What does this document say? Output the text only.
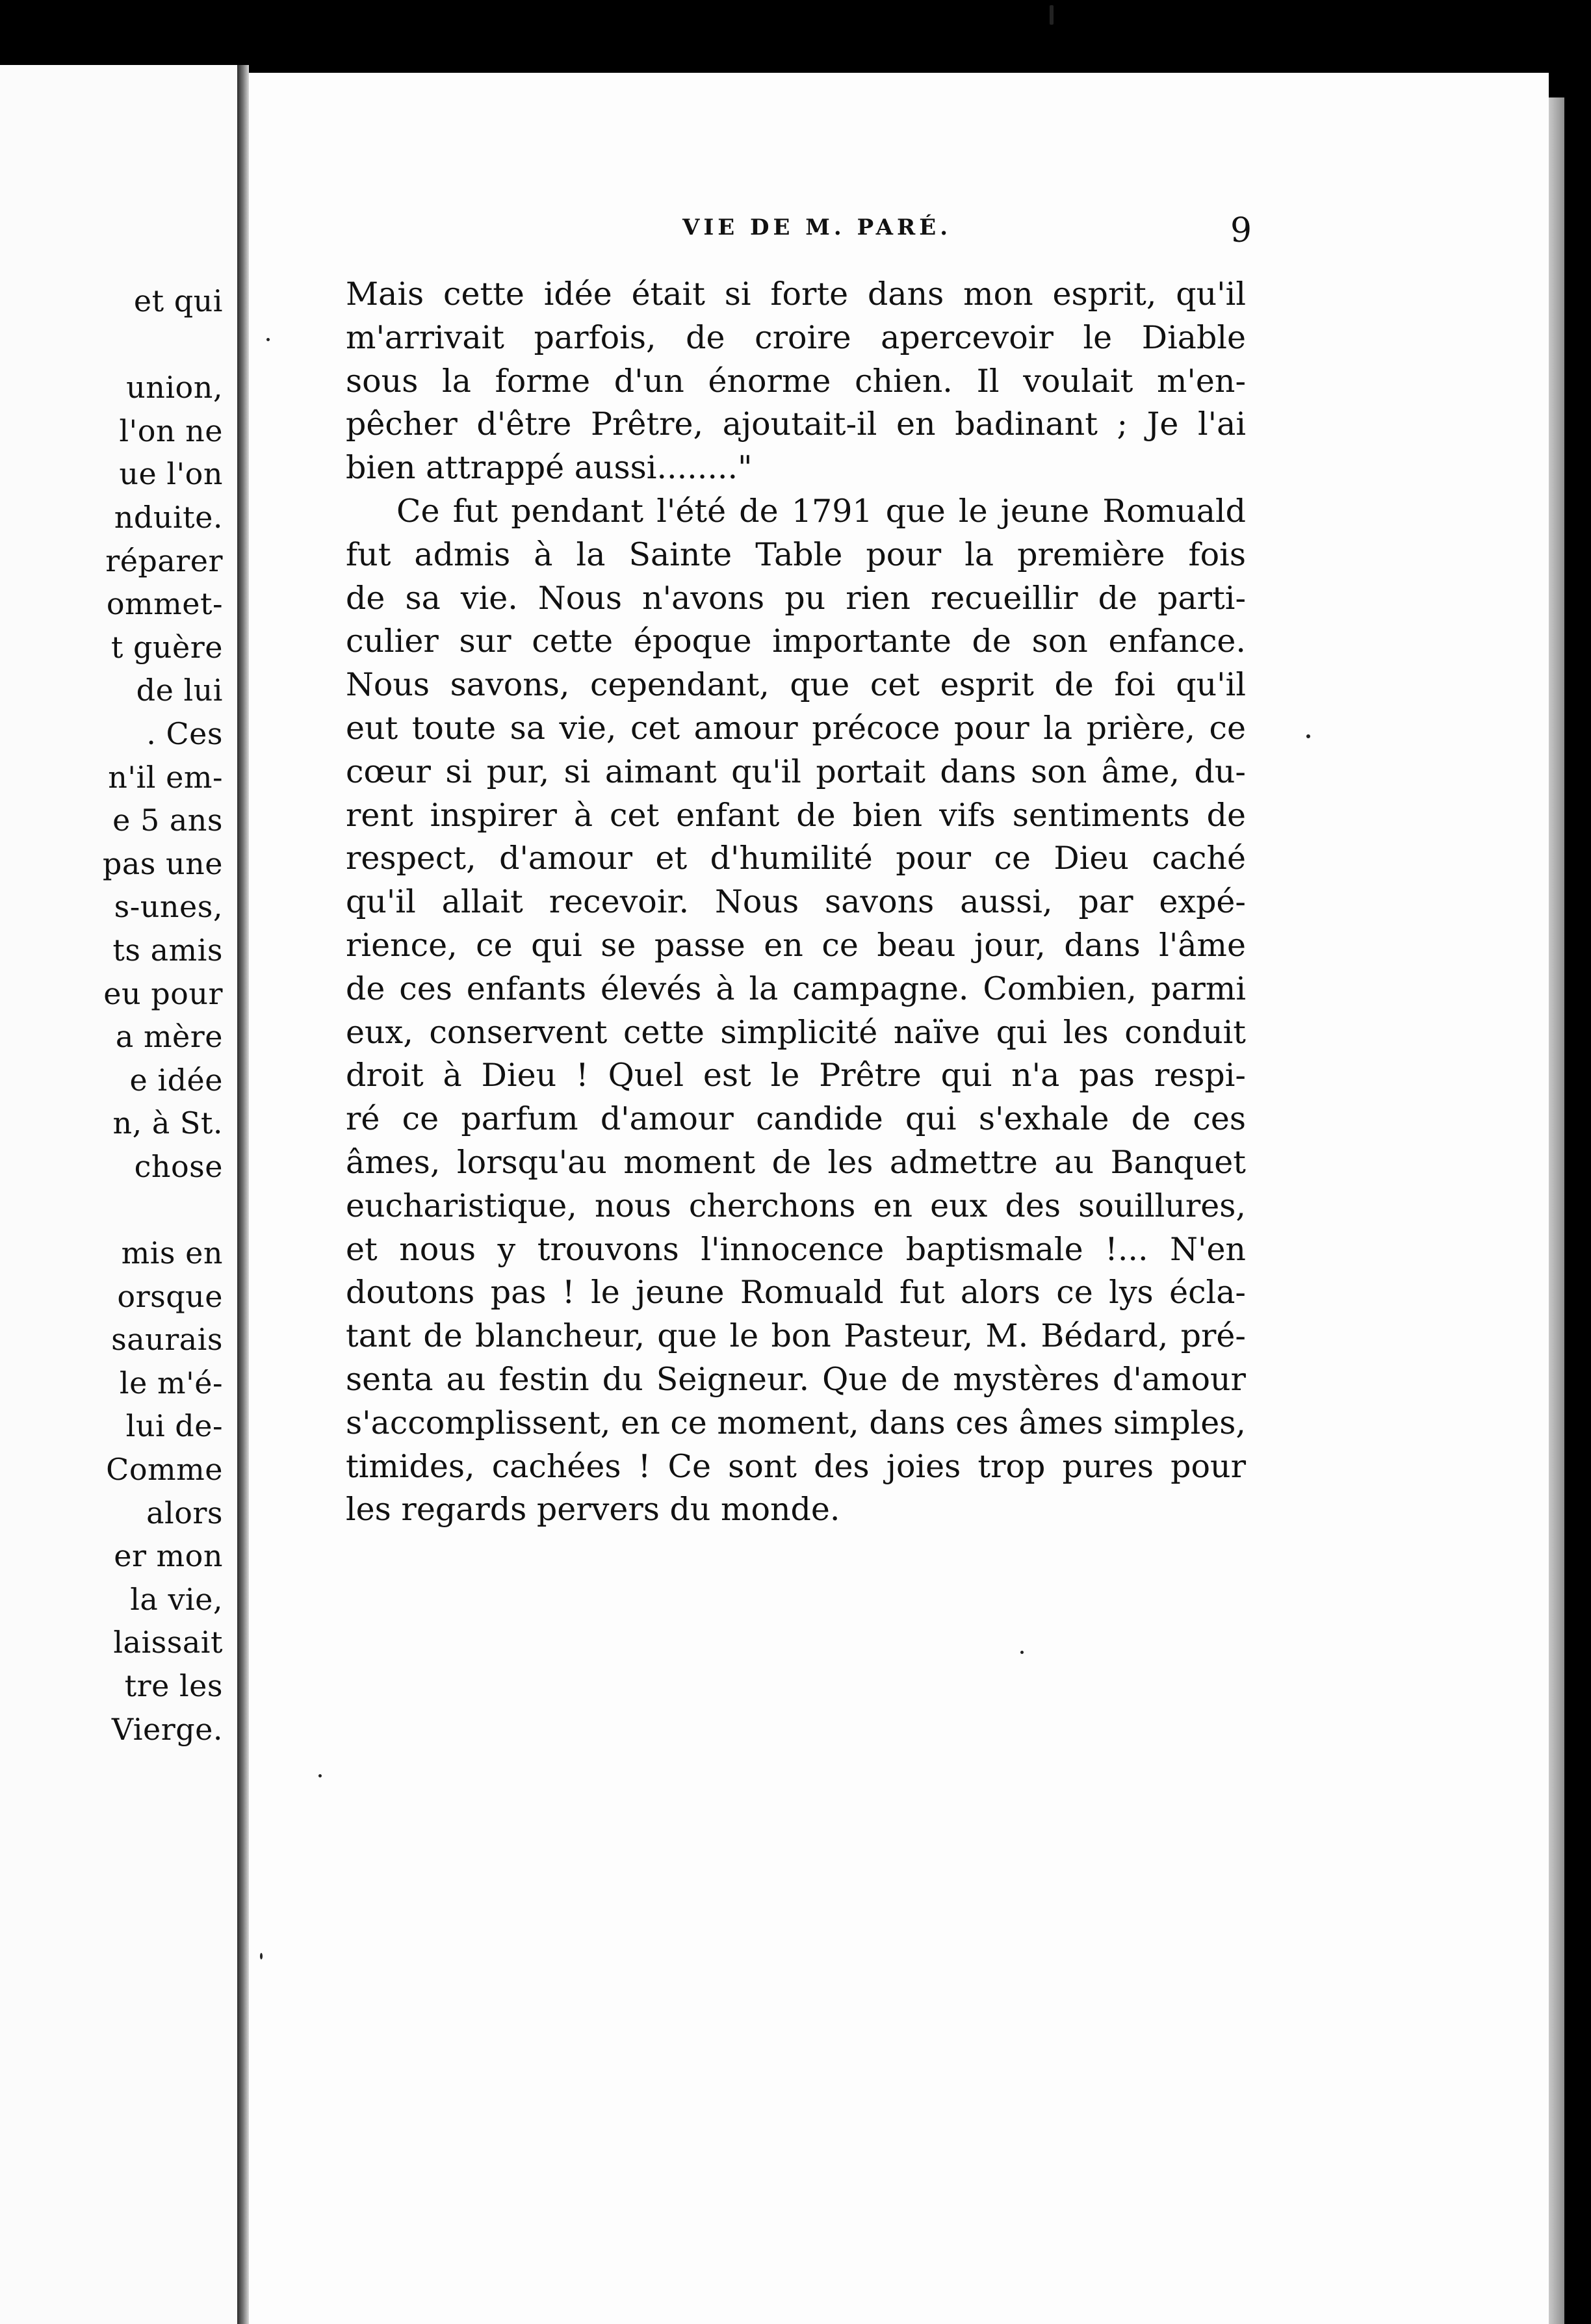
et qui

union,
l'on ne
ue l'on
nduite.
réparer
ommet-
t guère
de lui
. Ces
n'il em-
e 5 ans
pas une
s-unes,
ts amis
eu pour
a mère
e idée
n, à St.
chose

mis en
orsque
saurais
le m'é-
lui de-
Comme
alors
er mon
la vie,
laissait
tre les
Vierge.
VIE DE M. PARÉ.	9
Mais cette idée était si forte dans mon esprit, qu'il
m'arrivait parfois, de croire apercevoir le Diable
sous la forme d'un énorme chien. Il voulait m'en-
pêcher d'être Prêtre, ajoutait-il en badinant ; Je l'ai
bien attrappé aussi........"
Ce fut pendant l'été de 1791 que le jeune Romuald
fut admis à la Sainte Table pour la première fois
de sa vie. Nous n'avons pu rien recueillir de parti-
culier sur cette époque importante de son enfance.
Nous savons, cependant, que cet esprit de foi qu'il
eut toute sa vie, cet amour précoce pour la prière, ce
cœur si pur, si aimant qu'il portait dans son âme, du-
rent inspirer à cet enfant de bien vifs sentiments de
respect, d'amour et d'humilité pour ce Dieu caché
qu'il allait recevoir. Nous savons aussi, par expé-
rience, ce qui se passe en ce beau jour, dans l'âme
de ces enfants élevés à la campagne. Combien, parmi
eux, conservent cette simplicité naïve qui les conduit
droit à Dieu ! Quel est le Prêtre qui n'a pas respi-
ré ce parfum d'amour candide qui s'exhale de ces
âmes, lorsqu'au moment de les admettre au Banquet
eucharistique, nous cherchons en eux des souillures,
et nous y trouvons l'innocence baptismale !... N'en
doutons pas ! le jeune Romuald fut alors ce lys écla-
tant de blancheur, que le bon Pasteur, M. Bédard, pré-
senta au festin du Seigneur. Que de mystères d'amour
s'accomplissent, en ce moment, dans ces âmes simples,
timides, cachées ! Ce sont des joies trop pures pour
les regards pervers du monde.
